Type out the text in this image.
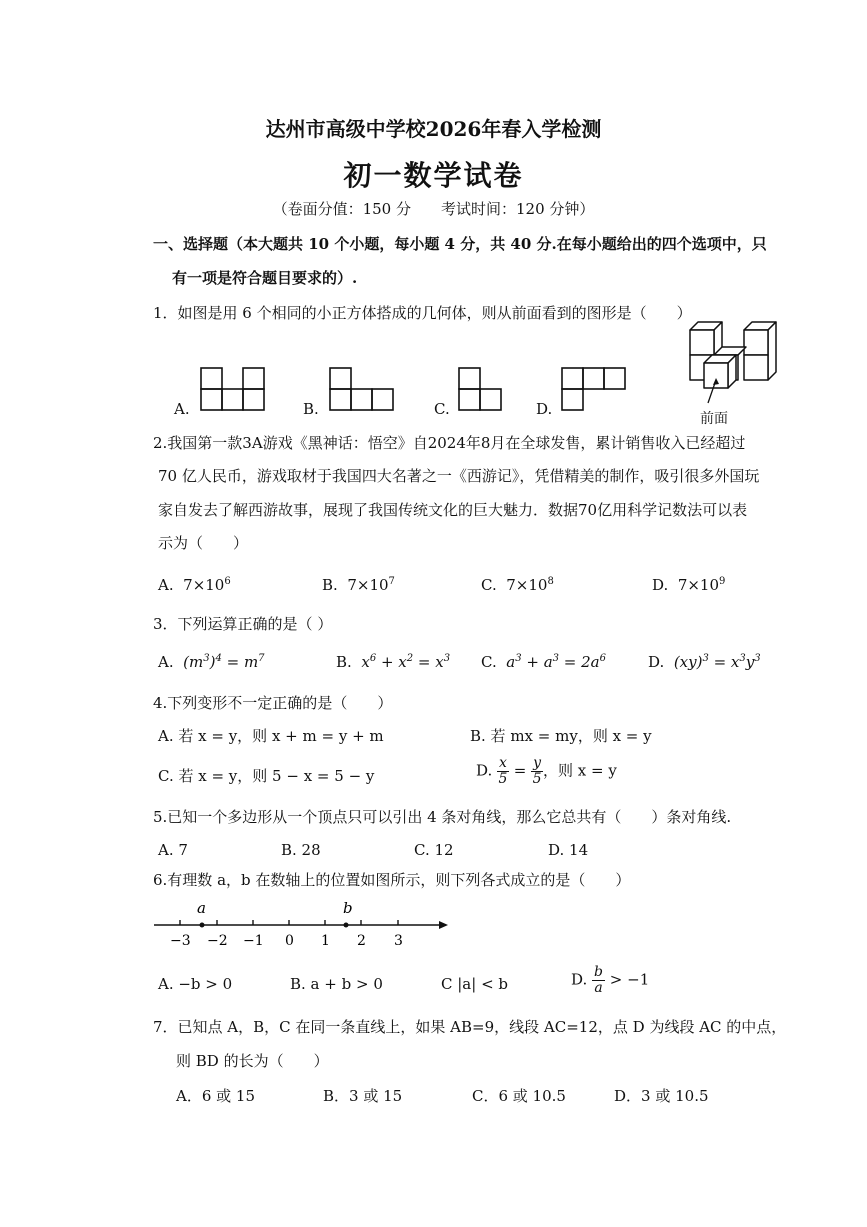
达州市高级中学校2026年春入学检测
初一数学试卷
（卷面分值：150 分　　考试时间：120 分钟）
一、选择题（本大题共 10 个小题，每小题 4 分，共 40 分.在每小题给出的四个选项中，只
有一项是符合题目要求的）.
1．如图是用 6 个相同的小正方体搭成的几何体，则从前面看到的图形是（　　）
A.	B.	C.	D.
前面
2.我国第一款3A游戏《黑神话：悟空》自2024年8月在全球发售，累计销售收入已经超过
70 亿人民币，游戏取材于我国四大名著之一《西游记》，凭借精美的制作，吸引很多外国玩
家自发去了解西游故事，展现了我国传统文化的巨大魅力．数据70亿用科学记数法可以表
示为（　　）
A. $7\times 10^6$	B. $7\times 10^7$	C. $7\times 10^8$	D. $7\times 10^9$
3．下列运算正确的是（ ）
A. $(m^3)^4 = m^7$	B. $x^6 + x^2 = x^3$ C. $a^3 + a^3 = 2a^6$	D. $(xy)^3 = x^3y^3$
4.下列变形不一定正确的是（　　）
A. 若 x = y，则 x + m = y + m	B. 若 mx = my，则 x = y
C. 若 x = y，则 5 − x = 5 − y	D. $\frac{x}{5} = \frac{y}{5}$ ，则 x = y
5.已知一个多边形从一个顶点只可以引出 4 条对角线，那么它总共有（　　）条对角线.
A. 7	B. 28	C. 12	D. 14
6.有理数 a，b 在数轴上的位置如图所示，则下列各式成立的是（　　）
a	b
−3 −2 −1 0 1 2 3
A. −b > 0	B. a + b > 0	C |a| < b	D. $\frac{b}{a} > -1$
7．已知点 A，B，C 在同一条直线上，如果 AB=9，线段 AC=12，点 D 为线段 AC 的中点，
则 BD 的长为（　　）
A．6 或 15	B．3 或 15	C．6 或 10.5	D．3 或 10.5
